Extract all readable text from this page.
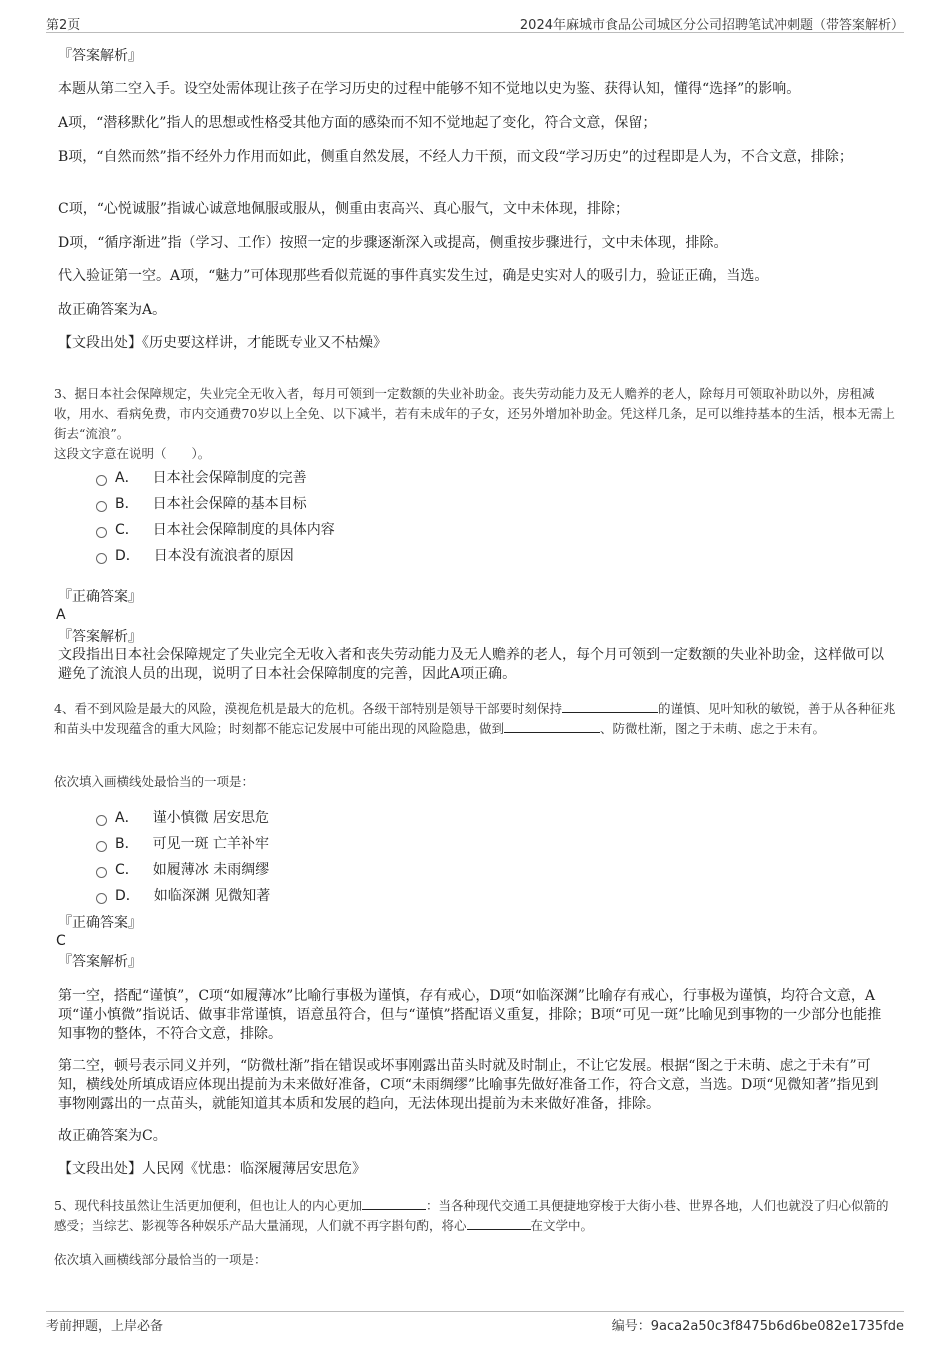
第2页	2024年麻城市食品公司城区分公司招聘笔试冲刺题（带答案解析）
『答案解析』
本题从第二空入手。设空处需体现让孩子在学习历史的过程中能够不知不觉地以史为鉴、获得认知，懂得“选择”的影响。
A项，“潜移默化”指人的思想或性格受其他方面的感染而不知不觉地起了变化，符合文意，保留；
B项，“自然而然”指不经外力作用而如此，侧重自然发展，不经人力干预，而文段“学习历史”的过程即是人为，不合文意，排除；
C项，“心悦诚服”指诚心诚意地佩服或服从，侧重由衷高兴、真心服气，文中未体现，排除；
D项，“循序渐进”指（学习、工作）按照一定的步骤逐渐深入或提高，侧重按步骤进行，文中未体现，排除。
代入验证第一空。A项，“魅力”可体现那些看似荒诞的事件真实发生过，确是史实对人的吸引力，验证正确，当选。
故正确答案为A。
【文段出处】《历史要这样讲，才能既专业又不枯燥》
3、据日本社会保障规定，失业完全无收入者，每月可领到一定数额的失业补助金。丧失劳动能力及无人赡养的老人，除每月可领取补助以外，房租减收，用水、看病免费，市内交通费70岁以上全免、以下减半，若有未成年的子女，还另外增加补助金。凭这样几条，足可以维持基本的生活，根本无需上街去“流浪”。
这段文字意在说明（　　）。
A． 日本社会保障制度的完善
B． 日本社会保障的基本目标
C． 日本社会保障制度的具体内容
D． 日本没有流浪者的原因
『正确答案』
A
『答案解析』
文段指出日本社会保障规定了失业完全无收入者和丧失劳动能力及无人赡养的老人，每个月可领到一定数额的失业补助金，这样做可以避免了流浪人员的出现，说明了日本社会保障制度的完善，因此A项正确。
4、看不到风险是最大的风险，漠视危机是最大的危机。各级干部特别是领导干部要时刻保持	的谨慎、见叶知秋的敏锐，善于从各种征兆和苗头中发现蕴含的重大风险；时刻都不能忘记发展中可能出现的风险隐患，做到	、防微杜渐，图之于未萌、虑之于未有。
依次填入画横线处最恰当的一项是：
A． 谨小慎微 居安思危
B． 可见一斑 亡羊补牢
C． 如履薄冰 未雨绸缪
D． 如临深渊 见微知著
『正确答案』
C
『答案解析』
第一空，搭配“谨慎”，C项“如履薄冰”比喻行事极为谨慎，存有戒心，D项“如临深渊”比喻存有戒心，行事极为谨慎，均符合文意，A项“谨小慎微”指说话、做事非常谨慎，语意虽符合，但与“谨慎”搭配语义重复，排除；B项“可见一斑”比喻见到事物的一少部分也能推知事物的整体，不符合文意，排除。
第二空，顿号表示同义并列，“防微杜渐”指在错误或坏事刚露出苗头时就及时制止，不让它发展。根据“图之于未萌、虑之于未有”可知，横线处所填成语应体现出提前为未来做好准备，C项“未雨绸缪”比喻事先做好准备工作，符合文意，当选。D项“见微知著”指见到事物刚露出的一点苗头，就能知道其本质和发展的趋向，无法体现出提前为未来做好准备，排除。
故正确答案为C。
【文段出处】人民网《忧患：临深履薄居安思危》
5、现代科技虽然让生活更加便利，但也让人的内心更加	：当各种现代交通工具便捷地穿梭于大街小巷、世界各地，人们也就没了归心似箭的感受；当综艺、影视等各种娱乐产品大量涌现，人们就不再字斟句酌，将心	在文学中。
依次填入画横线部分最恰当的一项是：
考前押题，上岸必备	编号：9aca2a50c3f8475b6d6be082e1735fde
